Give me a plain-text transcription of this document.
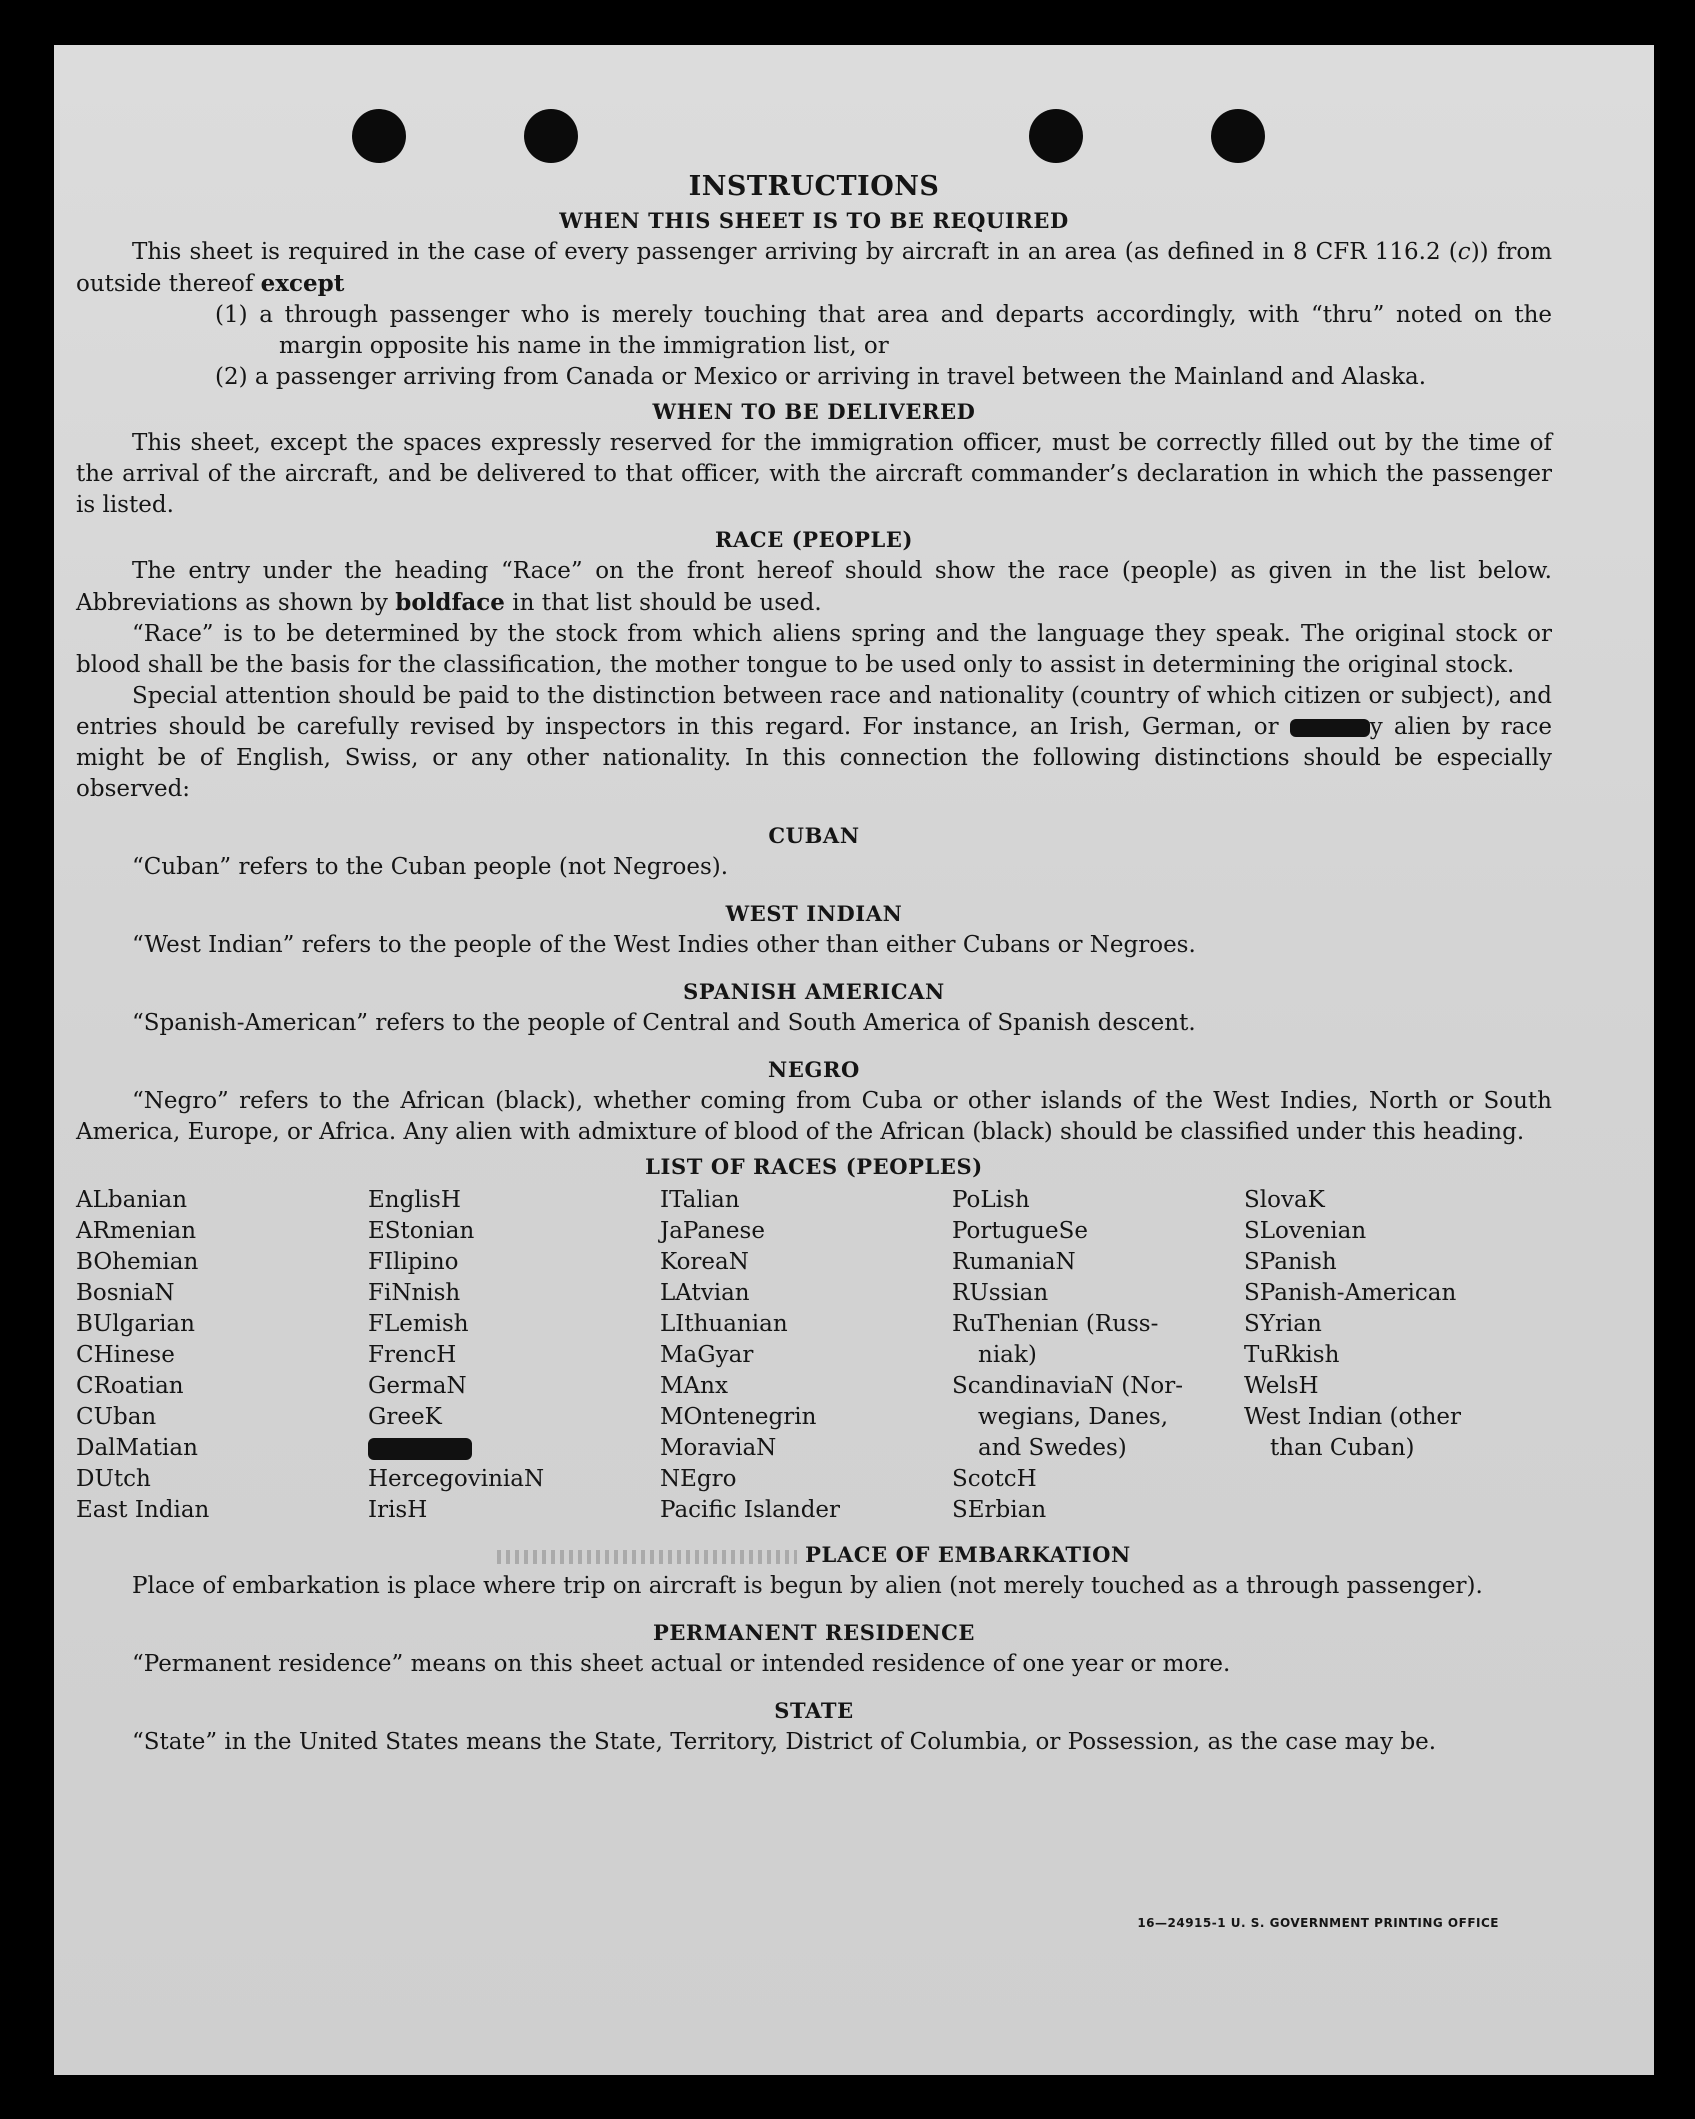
INSTRUCTIONS
WHEN THIS SHEET IS TO BE REQUIRED

This sheet is required in the case of every passenger arriving by aircraft in an area (as defined in 8 CFR 116.2 (c)) from outside thereof except

(1) a through passenger who is merely touching that area and departs accordingly, with “thru” noted on the margin opposite his name in the immigration list, or

(2) a passenger arriving from Canada or Mexico or arriving in travel between the Mainland and Alaska.

WHEN TO BE DELIVERED

This sheet, except the spaces expressly reserved for the immigration officer, must be correctly filled out by the time of the arrival of the aircraft, and be delivered to that officer, with the aircraft commander’s declaration in which the passenger is listed.

RACE (PEOPLE)

The entry under the heading “Race” on the front hereof should show the race (people) as given in the list below. Abbreviations as shown by boldface in that list should be used.

“Race” is to be determined by the stock from which aliens spring and the language they speak. The original stock or blood shall be the basis for the classification, the mother tongue to be used only to assist in determining the original stock.

Special attention should be paid to the distinction between race and nationality (country of which citizen or subject), and entries should be carefully revised by inspectors in this regard. For instance, an Irish, German, or	y alien by race might be of English, Swiss, or any other nationality. In this connection the following distinctions should be especially observed:

CUBAN

“Cuban” refers to the Cuban people (not Negroes).

WEST INDIAN

“West Indian” refers to the people of the West Indies other than either Cubans or Negroes.

SPANISH AMERICAN

“Spanish-American” refers to the people of Central and South America of Spanish descent.

NEGRO

“Negro” refers to the African (black), whether coming from Cuba or other islands of the West Indies, North or South America, Europe, or Africa. Any alien with admixture of blood of the African (black) should be classified under this heading.

LIST OF RACES (PEOPLES)
ALbanian
ARmenian
BOhemian
BosniaN
BUlgarian
CHinese
CRoatian
CUban
DalMatian
DUtch
East Indian
EnglisH
EStonian
FIlipino
FiNnish
FLemish
FrencH
GermaN
GreeK
HercegoviniaN
IrisH
ITalian
JaPanese
KoreaN
LAtvian
LIthuanian
MaGyar
MAnx
MOntenegrin
MoraviaN
NEgro
Pacific Islander
PoLish
PortugueSe
RumaniaN
RUssian
RuThenian (Russ-
niak)
ScandinaviaN (Nor-
wegians, Danes,
and Swedes)
ScotcH
SErbian
SlovaK
SLovenian
SPanish
SPanish-American
SYrian
TuRkish
WelsH
West Indian (other
than Cuban)
PLACE OF EMBARKATION

Place of embarkation is place where trip on aircraft is begun by alien (not merely touched as a through passenger).

PERMANENT RESIDENCE

“Permanent residence” means on this sheet actual or intended residence of one year or more.

STATE

“State” in the United States means the State, Territory, District of Columbia, or Possession, as the case may be.

16—24915-1 U. S. GOVERNMENT PRINTING OFFICE
